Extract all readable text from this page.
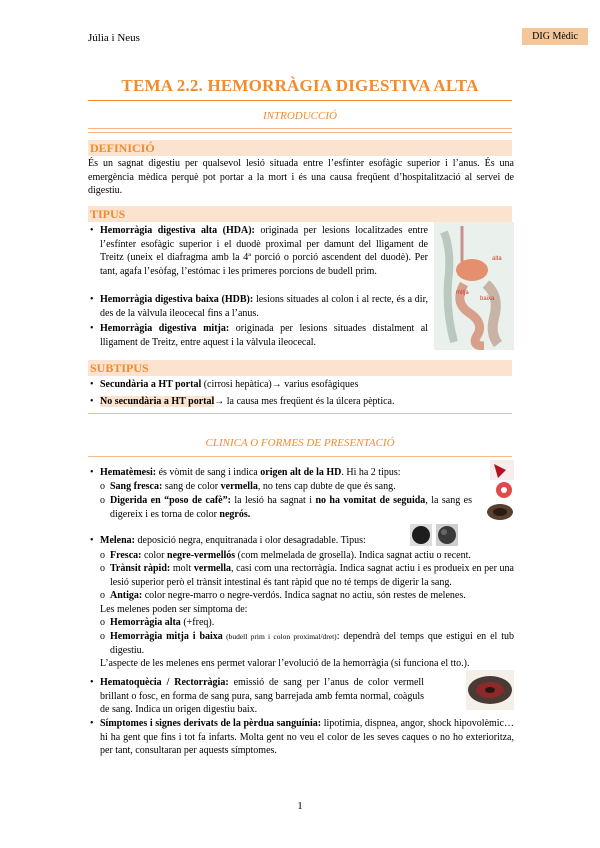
Júlia i Neus	DIG Mèdic
TEMA 2.2. HEMORRÀGIA DIGESTIVA ALTA
INTRODUCCIÓ
DEFINICIÓ
És un sagnat digestiu per qualsevol lesió situada entre l’esfínter esofàgic superior i l’anus. És una emergència mèdica perquè pot portar a la mort i és una causa freqüent d’hospitalització al servei de digestiu.
TIPUS
• Hemorràgia digestiva alta (HDA): originada per lesions localitzades entre l’esfínter esofàgic superior i el duodè proximal per damunt del lligament de Treitz (uneix el diafragma amb la 4ª porció o porció ascendent del duodè). Per tant, agafa l’esòfag, l’estómac i les primeres porcions de budell prim.
• Hemorràgia digestiva baixa (HDB): lesions situades al colon i al recte, és a dir, des de la vàlvula ileocecal fins a l’anus.
• Hemorràgia digestiva mitja: originada per lesions situades distalment al lligament de Treitz, entre aquest i la vàlvula ileocecal.
alta
mitja
baixa
SUBTIPUS
• Secundària a HT portal (cirrosi hepàtica)→ varius esofàgiques
• No secundària a HT portal→ la causa mes freqüent és la úlcera pèptica.
CLINICA O FORMES DE PRESENTACIÓ
• Hematèmesi: és vòmit de sang i indica origen alt de la HD. Hi ha 2 tipus:
o Sang fresca: sang de color vermella, no tens cap dubte de que és sang.
o Digerida en “poso de cafè”: la lesió ha sagnat i no ha vomitat de seguida, la sang es digereix i es torna de color negrós.
• Melena: deposició negra, enquitranada i olor desagradable. Tipus:
o Fresca: color negre-vermellós (com melmelada de grosella). Indica sagnat actiu o recent.
o Trànsit ràpid: molt vermella, casi com una rectorràgia. Indica sagnat actiu i es produeix en per una lesió superior però el trànsit intestinal és tant ràpid que no té temps de digerir la sang.
o Antiga: color negre-marro o negre-verdós. Indica sagnat no actiu, són restes de melenes.
Les melenes poden ser símptoma de:
o Hemorràgia alta (+freq).
o Hemorràgia mitja i baixa (budell prim i colon proximal/dret): dependrà del temps que estigui en el tub digestiu.
L’aspecte de les melenes ens permet valorar l’evolució de la hemorràgia (si funciona el tto.).
• Hematoquècia / Rectorràgia: emissió de sang per l’anus de color vermell brillant o fosc, en forma de sang pura, sang barrejada amb femta normal, coàguls de sang. Indica un origen digestiu baix.
• Símptomes i signes derivats de la pèrdua sanguínia: lipotímia, dispnea, angor, shock hipovolèmic… hi ha gent que fins i tot fa infarts. Molta gent no veu el color de les seves caques o no ho exterioritza, per tant, consultaran per aquests símptomes.
1
